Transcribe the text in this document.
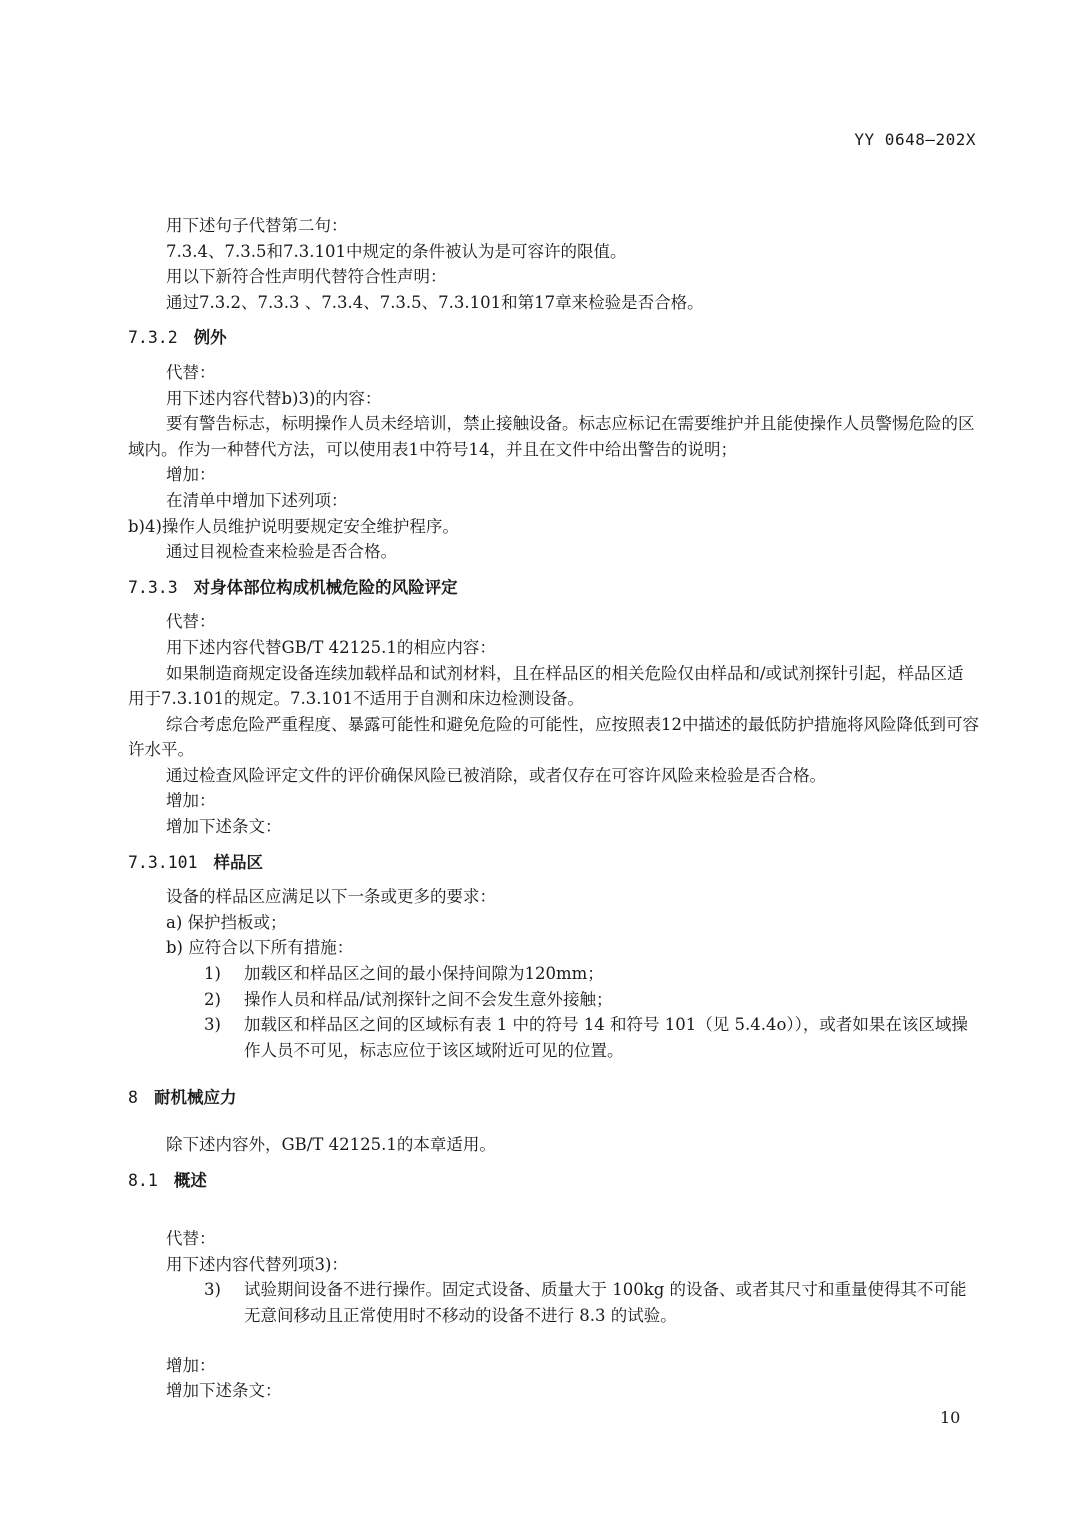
YY 0648—202X

用下述句子代替第二句：

7.3.4、7.3.5和7.3.101中规定的条件被认为是可容许的限值。

用以下新符合性声明代替符合性声明：

通过7.3.2、7.3.3 、7.3.4、7.3.5、7.3.101和第17章来检验是否合格。

7.3.2 例外

代替：

用下述内容代替b)3)的内容：

要有警告标志，标明操作人员未经培训，禁止接触设备。标志应标记在需要维护并且能使操作人员警惕危险的区域内。作为一种替代方法，可以使用表1中符号14，并且在文件中给出警告的说明；

增加：

在清单中增加下述列项：

b)4)操作人员维护说明要规定安全维护程序。

通过目视检查来检验是否合格。

7.3.3 对身体部位构成机械危险的风险评定

代替：

用下述内容代替GB/T 42125.1的相应内容：

如果制造商规定设备连续加载样品和试剂材料，且在样品区的相关危险仅由样品和/或试剂探针引起，样品区适用于7.3.101的规定。7.3.101不适用于自测和床边检测设备。

综合考虑危险严重程度、暴露可能性和避免危险的可能性，应按照表12中描述的最低防护措施将风险降低到可容许水平。

通过检查风险评定文件的评价确保风险已被消除，或者仅存在可容许风险来检验是否合格。

增加：

增加下述条文：

7.3.101 样品区

设备的样品区应满足以下一条或更多的要求：

a) 保护挡板或；

b) 应符合以下所有措施：

1)	加载区和样品区之间的最小保持间隙为120mm；
2)	操作人员和样品/试剂探针之间不会发生意外接触；
3)	加载区和样品区之间的区域标有表 1 中的符号 14 和符号 101（见 5.4.4o）），或者如果在该区域操作人员不可见，标志应位于该区域附近可见的位置。
8 耐机械应力

除下述内容外，GB/T 42125.1的本章适用。

8.1 概述

代替：

用下述内容代替列项3)：

3)	试验期间设备不进行操作。固定式设备、质量大于 100kg 的设备、或者其尺寸和重量使得其不可能无意间移动且正常使用时不移动的设备不进行 8.3 的试验。

增加：

增加下述条文：

10
